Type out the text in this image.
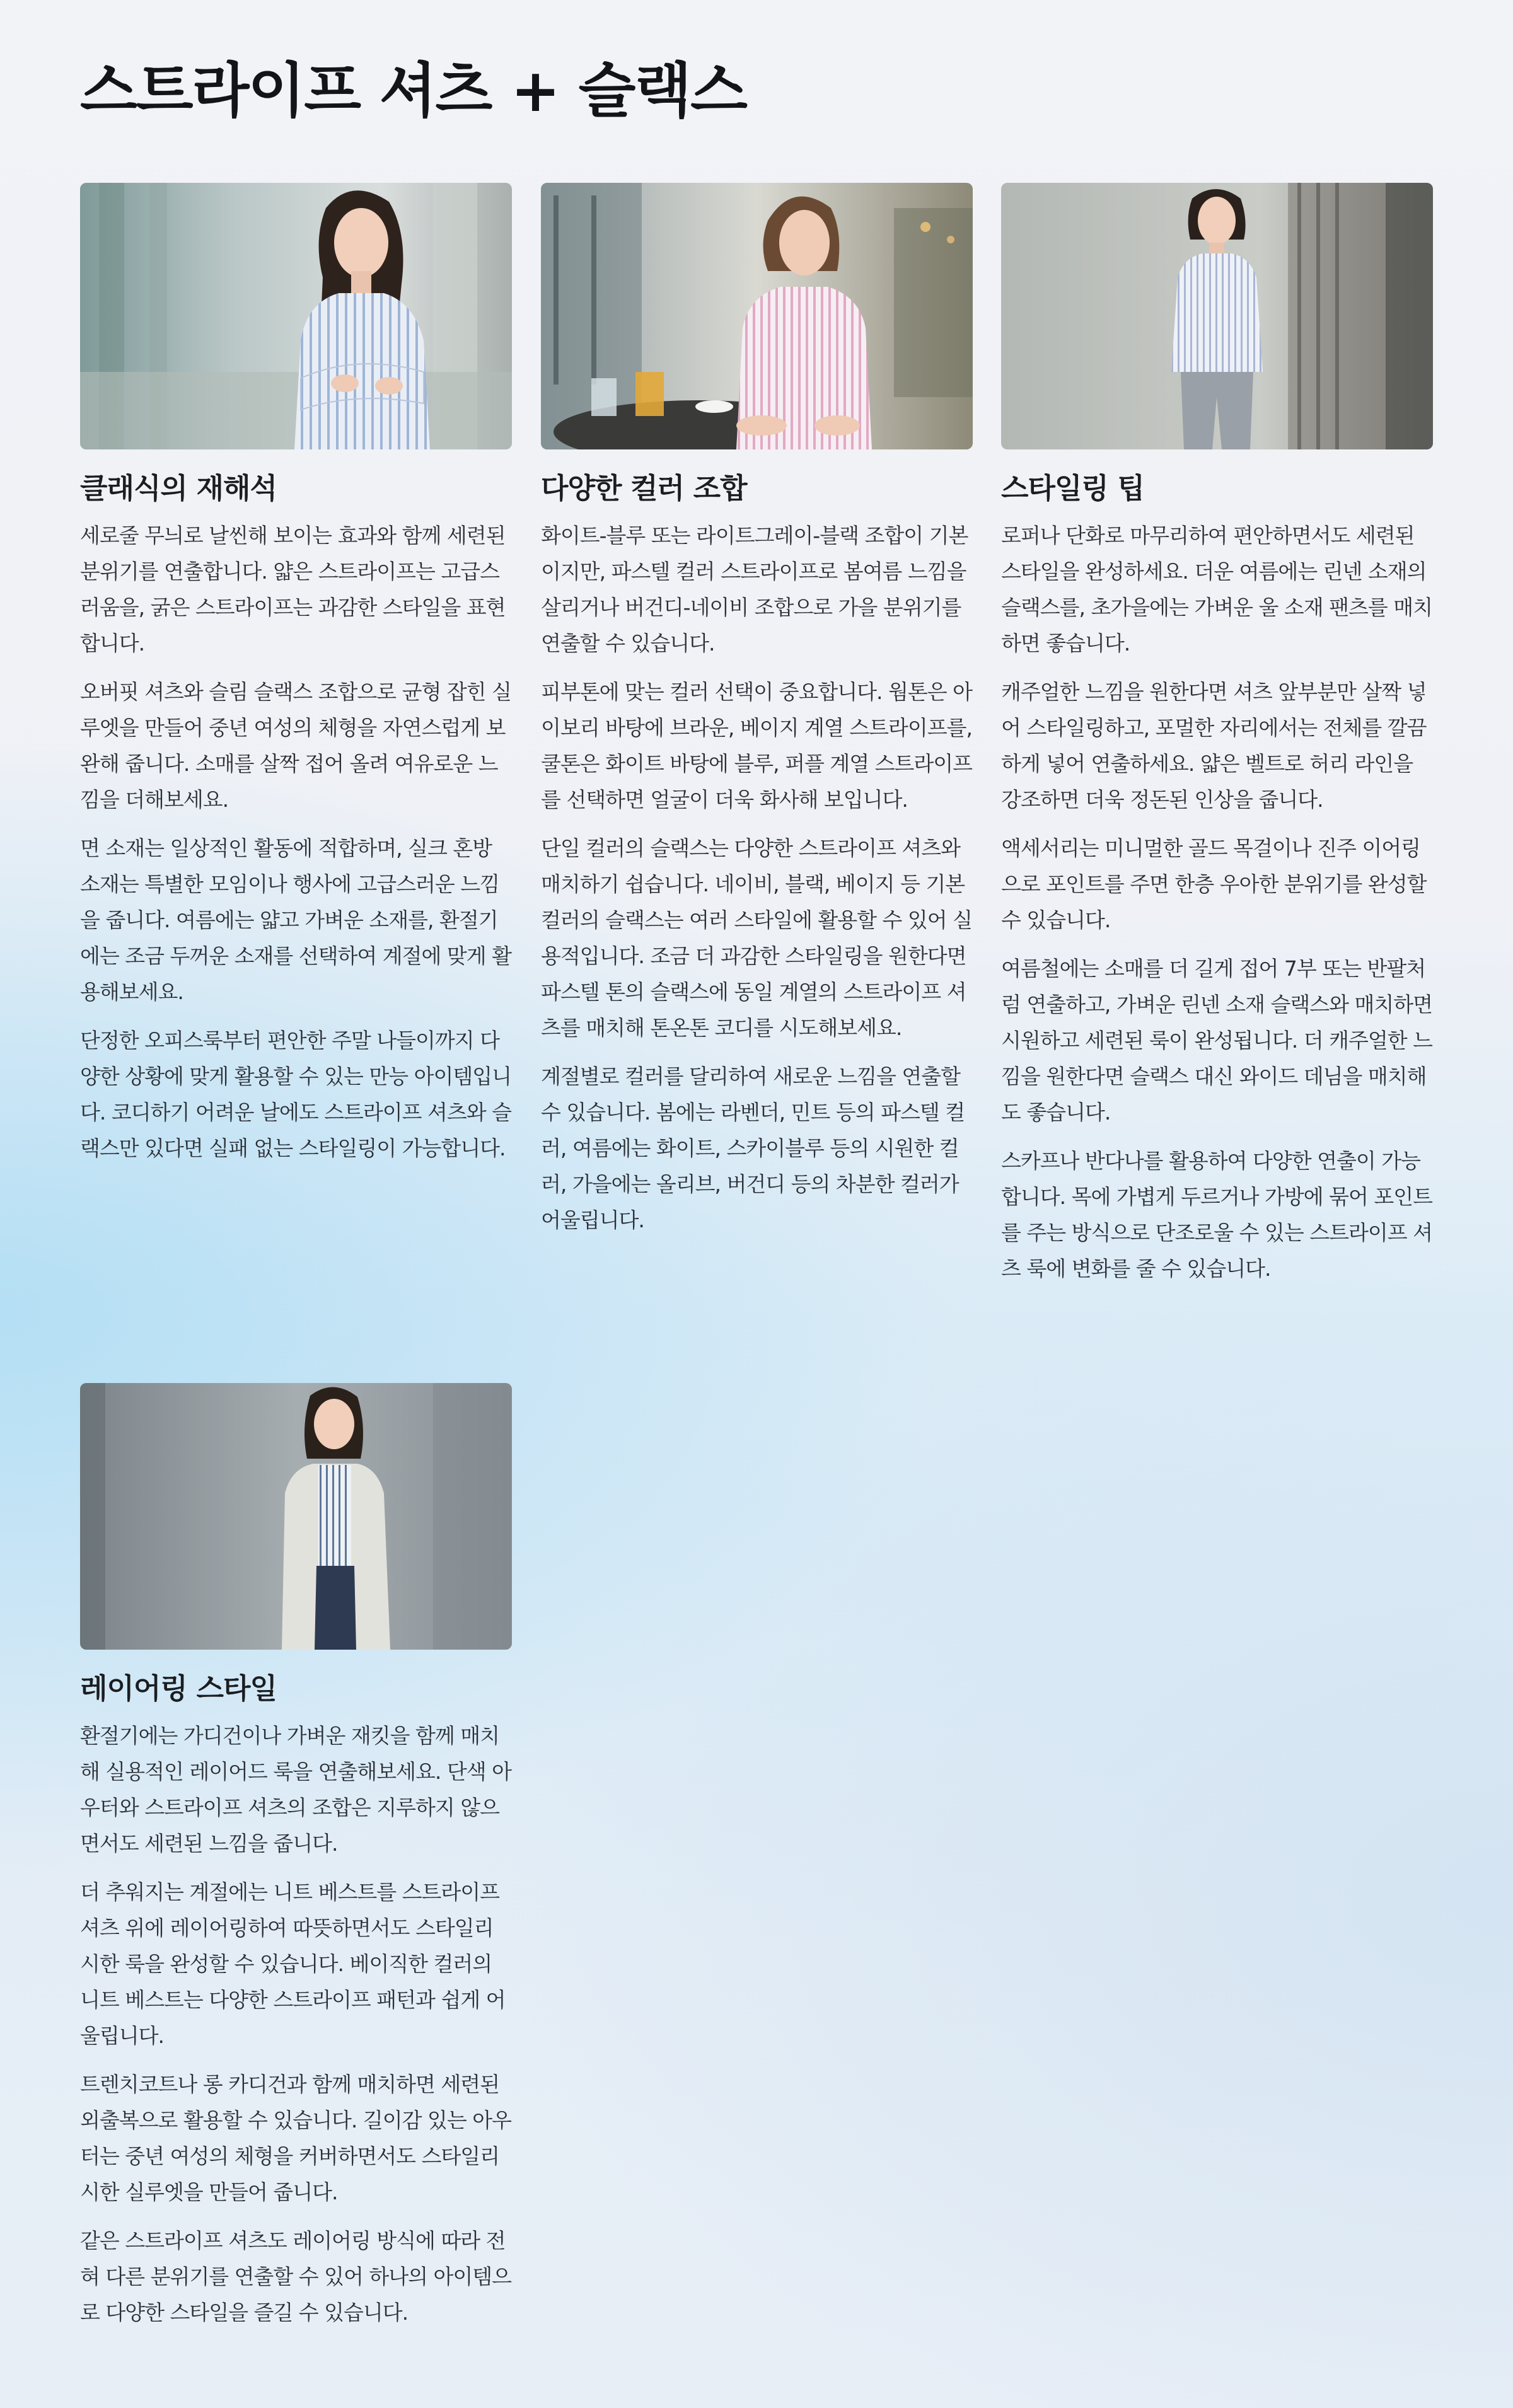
스트라이프 셔츠 + 슬랙스
클래식의 재해석

세로줄 무늬로 날씬해 보이는 효과와 함께 세련된 분위기를 연출합니다. 얇은 스트라이프는 고급스러움을, 굵은 스트라이프는 과감한 스타일을 표현합니다.

오버핏 셔츠와 슬림 슬랙스 조합으로 균형 잡힌 실루엣을 만들어 중년 여성의 체형을 자연스럽게 보완해 줍니다. 소매를 살짝 접어 올려 여유로운 느낌을 더해보세요.

면 소재는 일상적인 활동에 적합하며, 실크 혼방 소재는 특별한 모임이나 행사에 고급스러운 느낌을 줍니다. 여름에는 얇고 가벼운 소재를, 환절기에는 조금 두꺼운 소재를 선택하여 계절에 맞게 활용해보세요.

단정한 오피스룩부터 편안한 주말 나들이까지 다양한 상황에 맞게 활용할 수 있는 만능 아이템입니다. 코디하기 어려운 날에도 스트라이프 셔츠와 슬랙스만 있다면 실패 없는 스타일링이 가능합니다.

다양한 컬러 조합

화이트-블루 또는 라이트그레이-블랙 조합이 기본이지만, 파스텔 컬러 스트라이프로 봄여름 느낌을 살리거나 버건디-네이비 조합으로 가을 분위기를 연출할 수 있습니다.

피부톤에 맞는 컬러 선택이 중요합니다. 웜톤은 아이보리 바탕에 브라운, 베이지 계열 스트라이프를, 쿨톤은 화이트 바탕에 블루, 퍼플 계열 스트라이프를 선택하면 얼굴이 더욱 화사해 보입니다.

단일 컬러의 슬랙스는 다양한 스트라이프 셔츠와 매치하기 쉽습니다. 네이비, 블랙, 베이지 등 기본 컬러의 슬랙스는 여러 스타일에 활용할 수 있어 실용적입니다. 조금 더 과감한 스타일링을 원한다면 파스텔 톤의 슬랙스에 동일 계열의 스트라이프 셔츠를 매치해 톤온톤 코디를 시도해보세요.

계절별로 컬러를 달리하여 새로운 느낌을 연출할 수 있습니다. 봄에는 라벤더, 민트 등의 파스텔 컬러, 여름에는 화이트, 스카이블루 등의 시원한 컬러, 가을에는 올리브, 버건디 등의 차분한 컬러가 어울립니다.

스타일링 팁

로퍼나 단화로 마무리하여 편안하면서도 세련된 스타일을 완성하세요. 더운 여름에는 린넨 소재의 슬랙스를, 초가을에는 가벼운 울 소재 팬츠를 매치하면 좋습니다.

캐주얼한 느낌을 원한다면 셔츠 앞부분만 살짝 넣어 스타일링하고, 포멀한 자리에서는 전체를 깔끔하게 넣어 연출하세요. 얇은 벨트로 허리 라인을 강조하면 더욱 정돈된 인상을 줍니다.

액세서리는 미니멀한 골드 목걸이나 진주 이어링으로 포인트를 주면 한층 우아한 분위기를 완성할 수 있습니다.

여름철에는 소매를 더 길게 접어 7부 또는 반팔처럼 연출하고, 가벼운 린넨 소재 슬랙스와 매치하면 시원하고 세련된 룩이 완성됩니다. 더 캐주얼한 느낌을 원한다면 슬랙스 대신 와이드 데님을 매치해도 좋습니다.

스카프나 반다나를 활용하여 다양한 연출이 가능합니다. 목에 가볍게 두르거나 가방에 묶어 포인트를 주는 방식으로 단조로울 수 있는 스트라이프 셔츠 룩에 변화를 줄 수 있습니다.

레이어링 스타일

환절기에는 가디건이나 가벼운 재킷을 함께 매치해 실용적인 레이어드 룩을 연출해보세요. 단색 아우터와 스트라이프 셔츠의 조합은 지루하지 않으면서도 세련된 느낌을 줍니다.

더 추워지는 계절에는 니트 베스트를 스트라이프 셔츠 위에 레이어링하여 따뜻하면서도 스타일리시한 룩을 완성할 수 있습니다. 베이직한 컬러의 니트 베스트는 다양한 스트라이프 패턴과 쉽게 어울립니다.

트렌치코트나 롱 카디건과 함께 매치하면 세련된 외출복으로 활용할 수 있습니다. 길이감 있는 아우터는 중년 여성의 체형을 커버하면서도 스타일리시한 실루엣을 만들어 줍니다.

같은 스트라이프 셔츠도 레이어링 방식에 따라 전혀 다른 분위기를 연출할 수 있어 하나의 아이템으로 다양한 스타일을 즐길 수 있습니다.
